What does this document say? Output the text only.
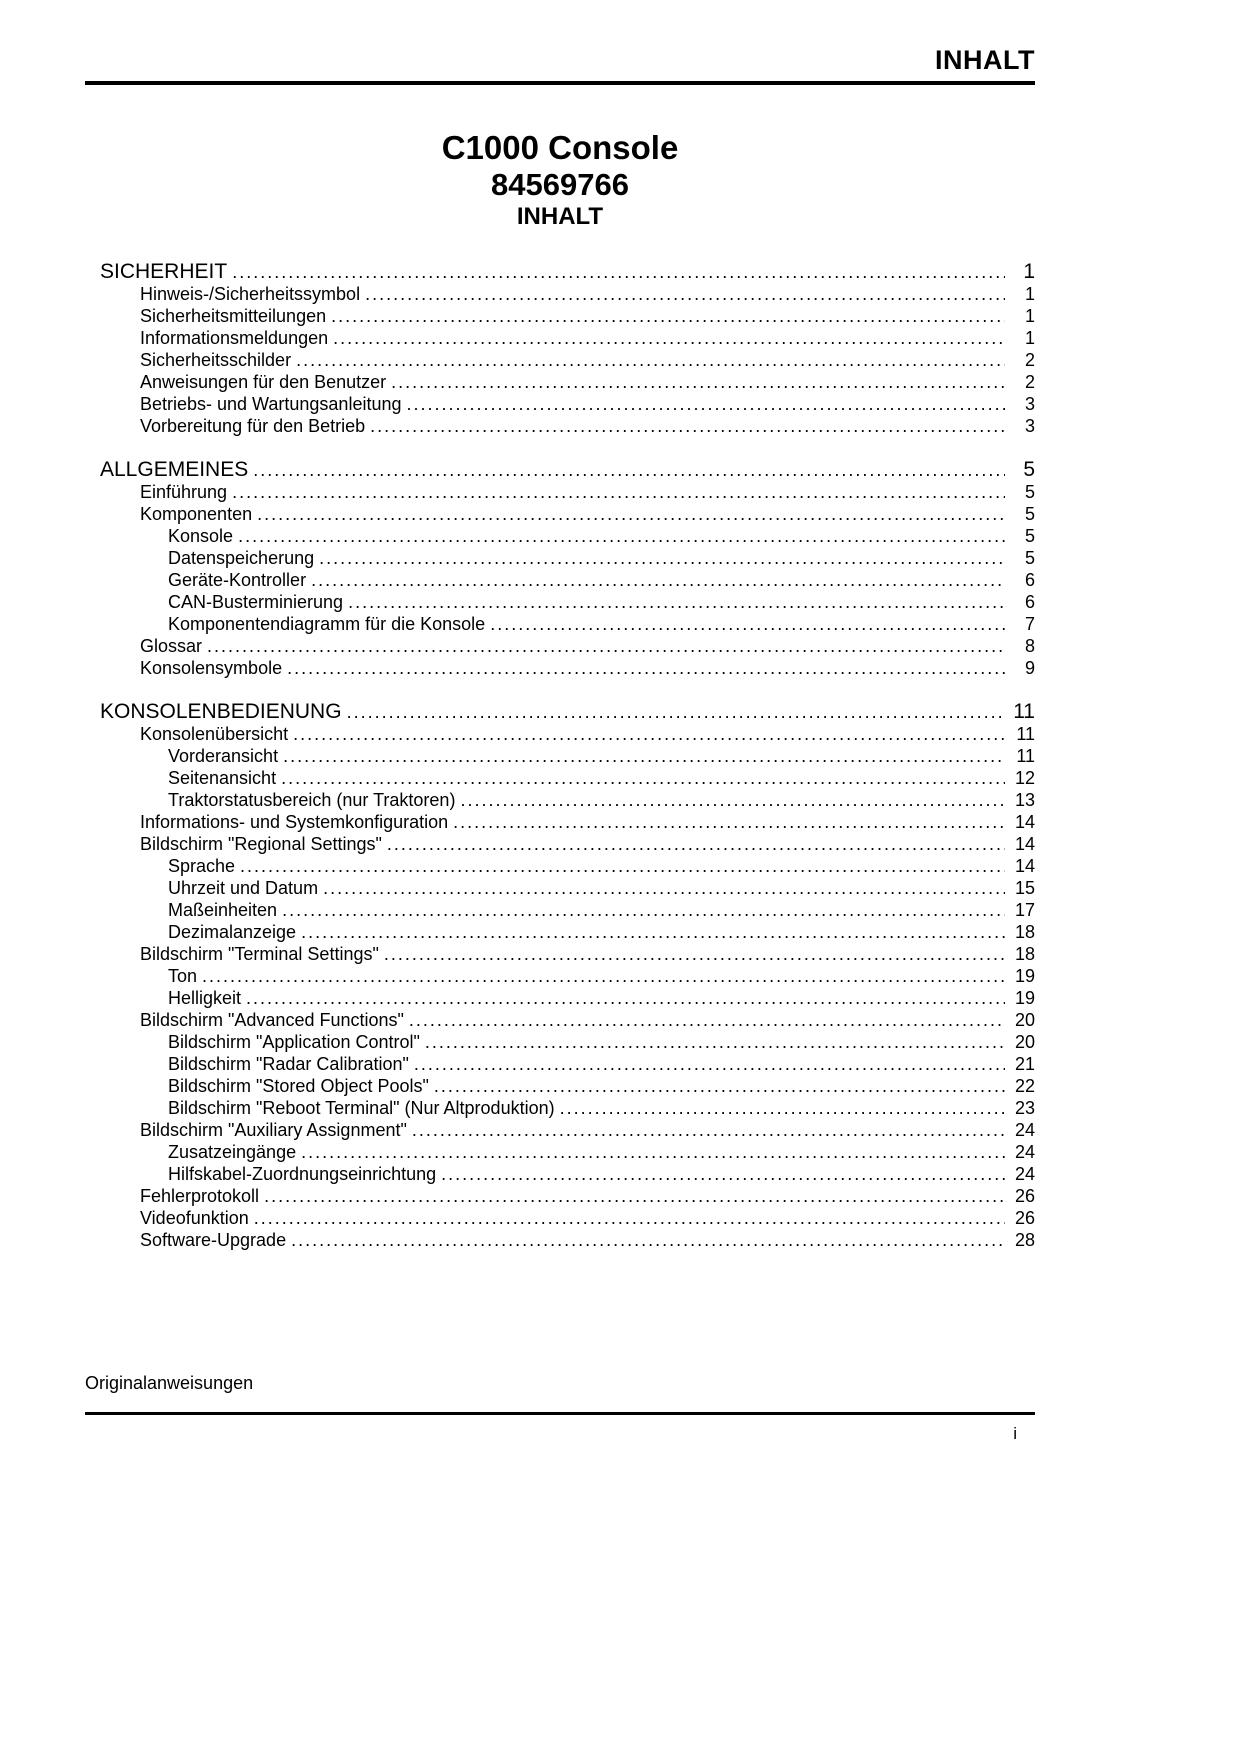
INHALT
C1000 Console
84569766
INHALT
SICHERHEIT .....	1
Hinweis-/Sicherheitssymbol .....	1
Sicherheitsmitteilungen .....	1
Informationsmeldungen .....	1
Sicherheitsschilder .....	2
Anweisungen für den Benutzer .....	2
Betriebs- und Wartungsanleitung .....	3
Vorbereitung für den Betrieb .....	3
ALLGEMEINES .....	5
Einführung .....	5
Komponenten .....	5
Konsole .....	5
Datenspeicherung .....	5
Geräte-Kontroller .....	6
CAN-Busterminierung .....	6
Komponentendiagramm für die Konsole .....	7
Glossar .....	8
Konsolensymbole .....	9
KONSOLENBEDIENUNG .....	11
Konsolenübersicht .....	11
Vorderansicht .....	11
Seitenansicht .....	12
Traktorstatusbereich (nur Traktoren) .....	13
Informations- und Systemkonfiguration .....	14
Bildschirm "Regional Settings" .....	14
Sprache .....	14
Uhrzeit und Datum .....	15
Maßeinheiten .....	17
Dezimalanzeige .....	18
Bildschirm "Terminal Settings" .....	18
Ton .....	19
Helligkeit .....	19
Bildschirm "Advanced Functions" .....	20
Bildschirm "Application Control" .....	20
Bildschirm "Radar Calibration" .....	21
Bildschirm "Stored Object Pools" .....	22
Bildschirm "Reboot Terminal" (Nur Altproduktion) .....	23
Bildschirm "Auxiliary Assignment" .....	24
Zusatzeingänge .....	24
Hilfskabel-Zuordnungseinrichtung .....	24
Fehlerprotokoll .....	26
Videofunktion .....	26
Software-Upgrade .....	28
Originalanweisungen
i
